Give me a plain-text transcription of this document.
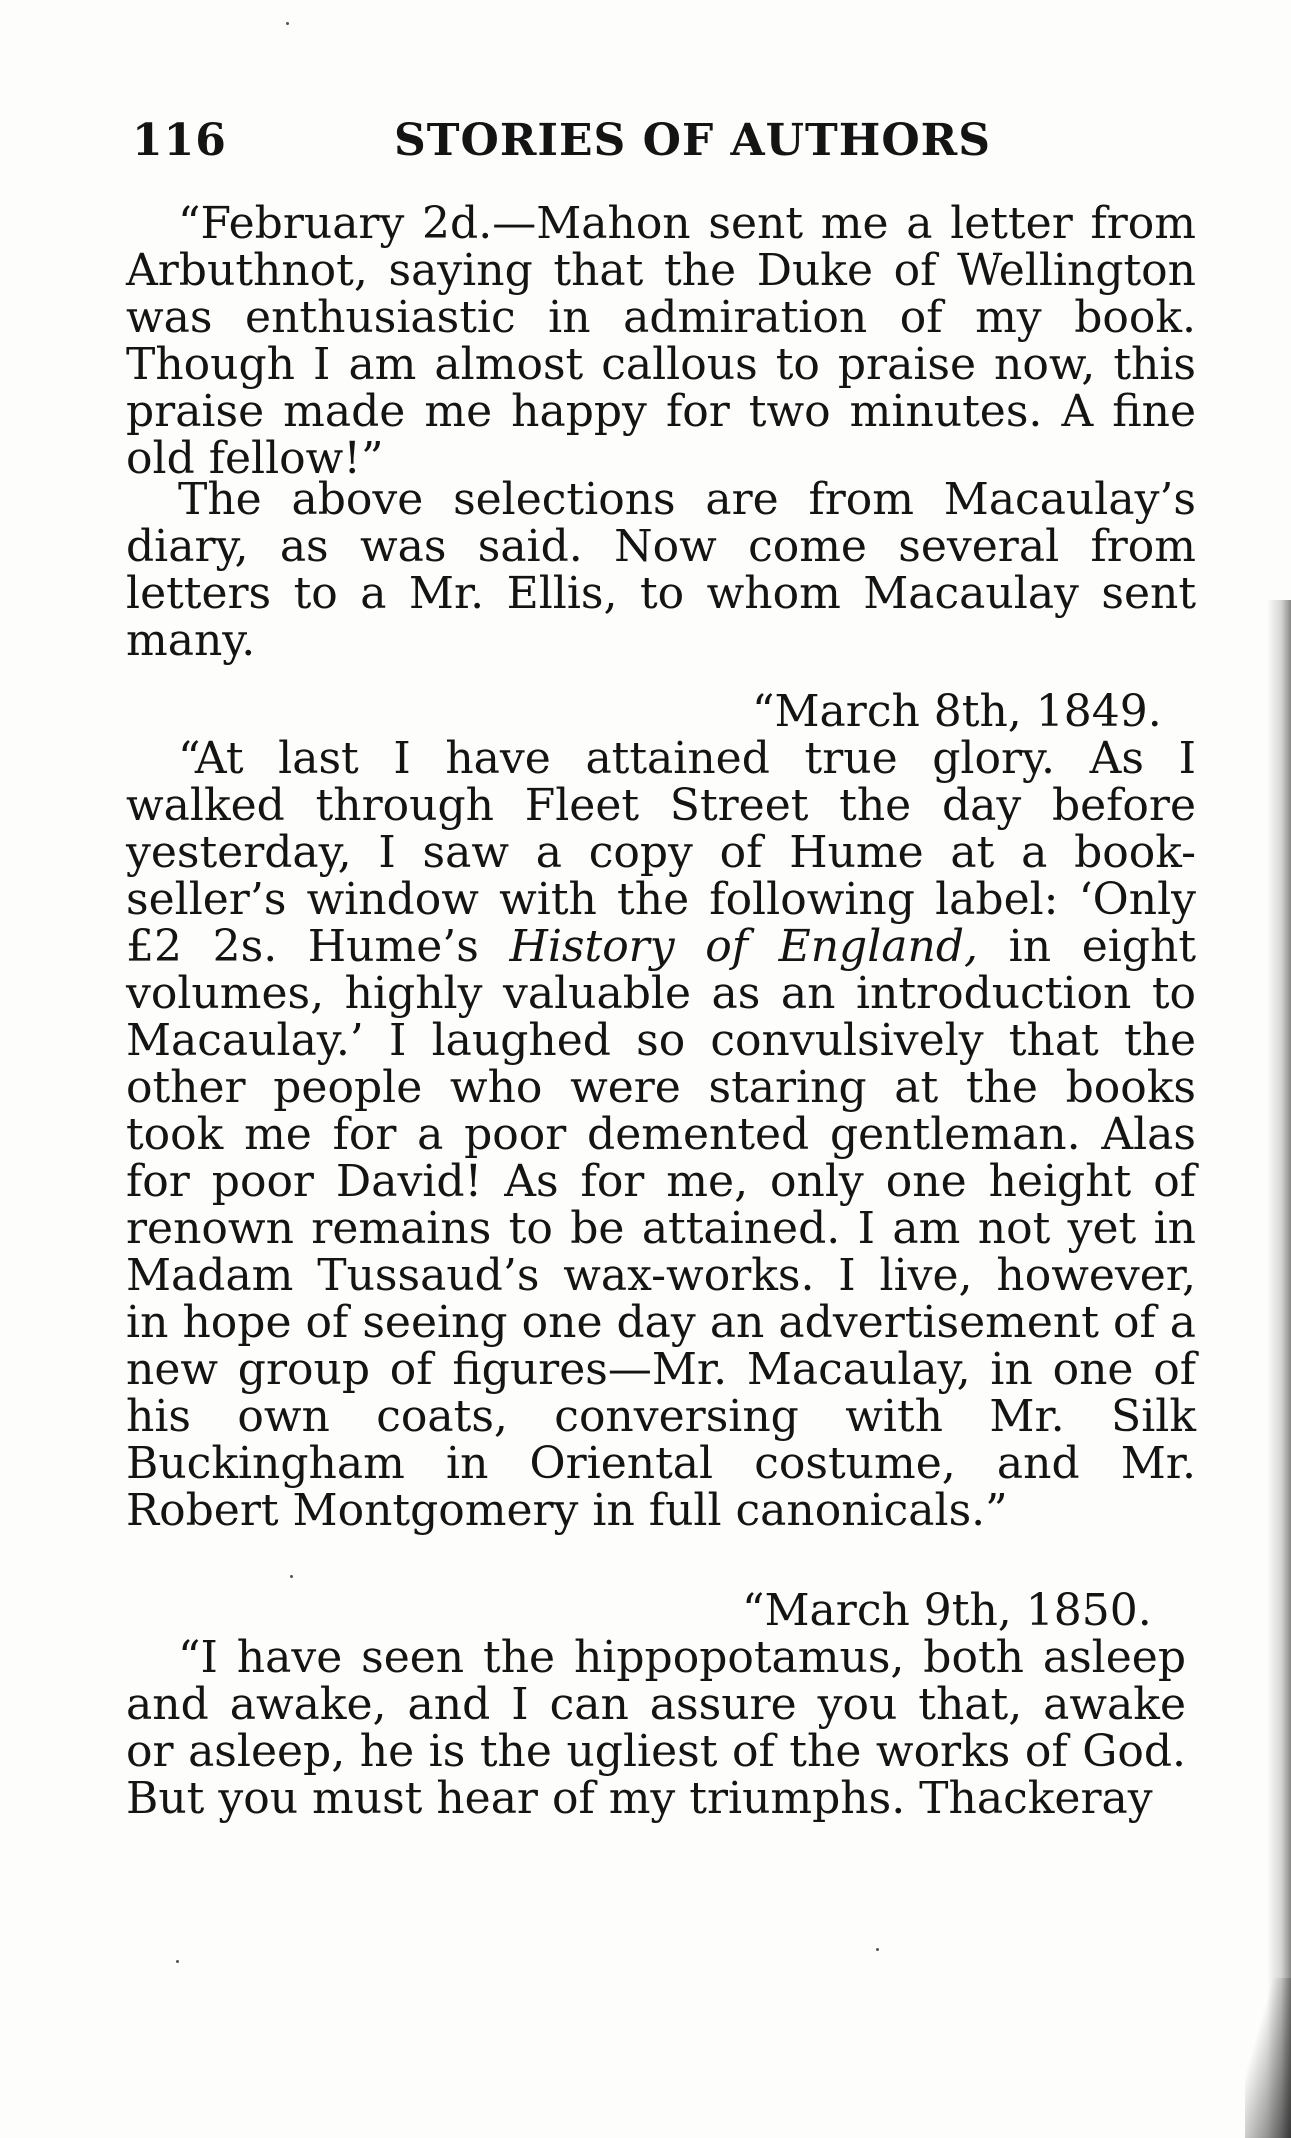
116	STORIES OF AUTHORS

“February 2d.—Mahon sent me a letter from Arbuthnot, saying that the Duke of Wellington was enthusiastic in admiration of my book. Though I am almost callous to praise now, this praise made me happy for two minutes. A fine old fellow!”

The above selections are from Macaulay’s diary, as was said. Now come several from letters to a Mr. Ellis, to whom Macaulay sent many.

“March 8th, 1849.

“At last I have attained true glory. As I walked through Fleet Street the day before yesterday, I saw a copy of Hume at a book-seller’s window with the following label: ‘Only £2 2s. Hume’s History of England, in eight volumes, highly valuable as an introduction to Macaulay.’ I laughed so convulsively that the other people who were staring at the books took me for a poor demented gentleman. Alas for poor David! As for me, only one height of renown remains to be attained. I am not yet in Madam Tussaud’s wax-works. I live, however, in hope of seeing one day an advertisement of a new group of figures—Mr. Macaulay, in one of his own coats, conversing with Mr. Silk Buckingham in Oriental costume, and Mr. Robert Montgomery in full canonicals.”

“March 9th, 1850.

“I have seen the hippopotamus, both asleep and awake, and I can assure you that, awake or asleep, he is the ugliest of the works of God. But you must hear of my triumphs. Thackeray
